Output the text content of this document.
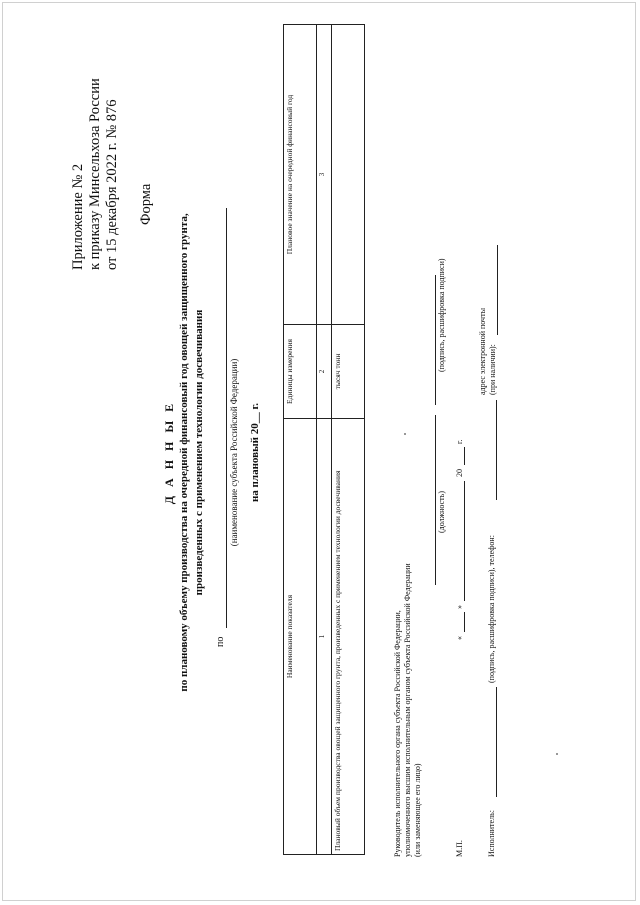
Приложение № 2 к приказу Минсельхоза России от 15 декабря 2022 г. № 876 Форма
Д А Н Н Ы Е по плановому объему производства на очередной финансовый год овощей защищенного грунта, произведенных с применением технологии досвечивания
по
(наименование субъекта Российской Федерации) на плановый 20__ г.
Наименование показателя	Единицы измерения	Плановое значение на очередной финансовый год
1	2	3
Плановый объем производства овощей защищенного грунта, произведенных с применением технологии досвечивания	тысяч тонн	
Руководитель исполнительного органа субъекта Российской Федерации, уполномоченного высшим исполнительным органом субъекта Российской Федерации (или заменяющее его лицо)
(должность)
(подпись, расшифровка подписи)
М.П.
«
»
20
г.
Исполнитель:
(подпись, расшифровка подписи), телефон:
адрес электронной почты (при наличии):
